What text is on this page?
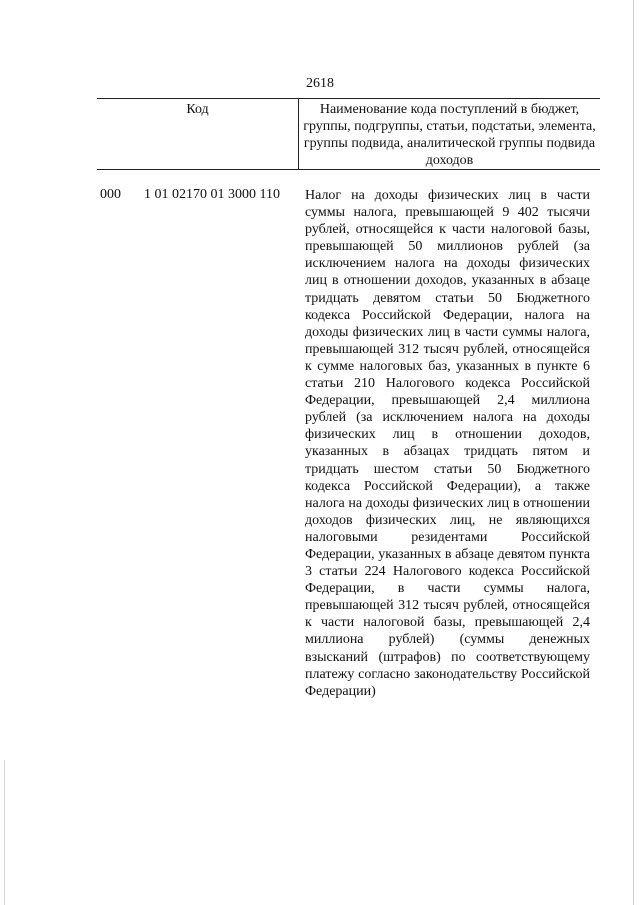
2618
Код	Наименование кода поступлений в бюджет, группы, подгруппы, статьи, подстатьи, элемента, группы подвида, аналитической группы подвида доходов
000 1 01 02170 01 3000 110 Налог на доходы физических лиц в части суммы налога, превышающей 9 402 тысячи рублей, относящейся к части налоговой базы, превышающей 50 миллионов рублей (за исключением налога на доходы физических лиц в отношении доходов, указанных в абзаце тридцать девятом статьи 50 Бюджетного кодекса Российской Федерации, налога на доходы физических лиц в части суммы налога, превышающей 312 тысяч рублей, относящейся к сумме налоговых баз, указанных в пункте 6 статьи 210 Налогового кодекса Российской Федерации, превышающей 2,4 миллиона рублей (за исключением налога на доходы физических лиц в отношении доходов, указанных в абзацах тридцать пятом и тридцать шестом статьи 50 Бюджетного кодекса Российской Федерации), а также налога на доходы физических лиц в отношении доходов физических лиц, не являющихся налоговыми резидентами Российской Федерации, указанных в абзаце девятом пункта 3 статьи 224 Налогового кодекса Российской Федерации, в части суммы налога, превышающей 312 тысяч рублей, относящейся к части налоговой базы, превышающей 2,4 миллиона рублей) (суммы денежных взысканий (штрафов) по соответствующему платежу согласно законодательству Российской Федерации)
